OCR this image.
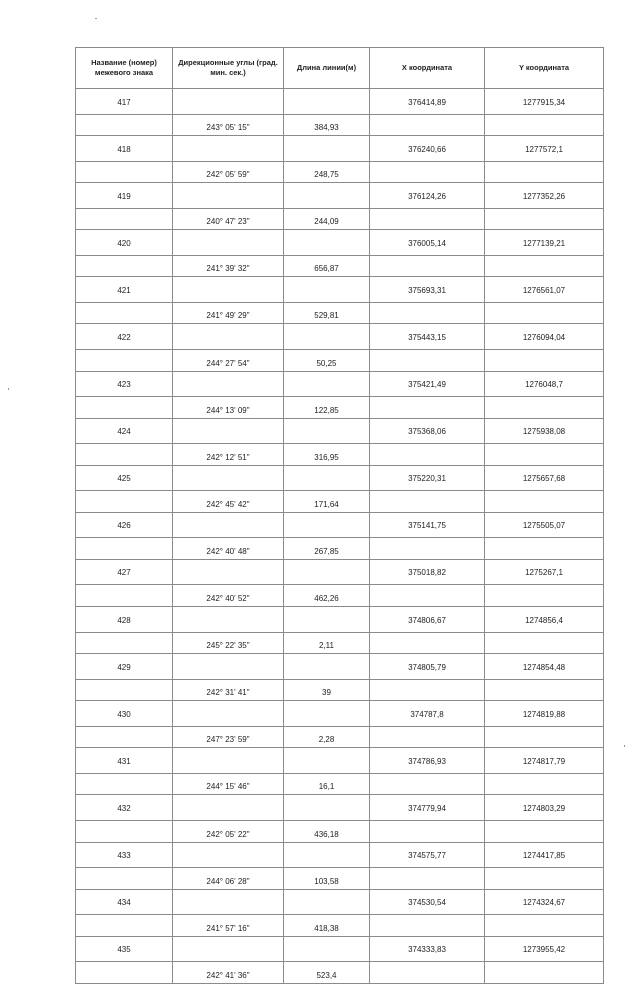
Название (номер) межевого знака	Дирекционные углы (град. мин. сек.)	Длина линии(м)	X координата	Y координата
417			376414,89	1277915,34
	243° 05' 15"	384,93		
418			376240,66	1277572,1
	242° 05' 59"	248,75		
419			376124,26	1277352,26
	240° 47' 23"	244,09		
420			376005,14	1277139,21
	241° 39' 32"	656,87		
421			375693,31	1276561,07
	241° 49' 29"	529,81		
422			375443,15	1276094,04
	244° 27' 54"	50,25		
423			375421,49	1276048,7
	244° 13' 09"	122,85		
424			375368,06	1275938,08
	242° 12' 51"	316,95		
425			375220,31	1275657,68
	242° 45' 42"	171,64		
426			375141,75	1275505,07
	242° 40' 48"	267,85		
427			375018,82	1275267,1
	242° 40' 52"	462,26		
428			374806,67	1274856,4
	245° 22' 35"	2,11		
429			374805,79	1274854,48
	242° 31' 41"	39		
430			374787,8	1274819,88
	247° 23' 59"	2,28		
431			374786,93	1274817,79
	244° 15' 46"	16,1		
432			374779,94	1274803,29
	242° 05' 22"	436,18		
433			374575,77	1274417,85
	244° 06' 28"	103,58		
434			374530,54	1274324,67
	241° 57' 16"	418,38		
435			374333,83	1273955,42
	242° 41' 36"	523,4		
